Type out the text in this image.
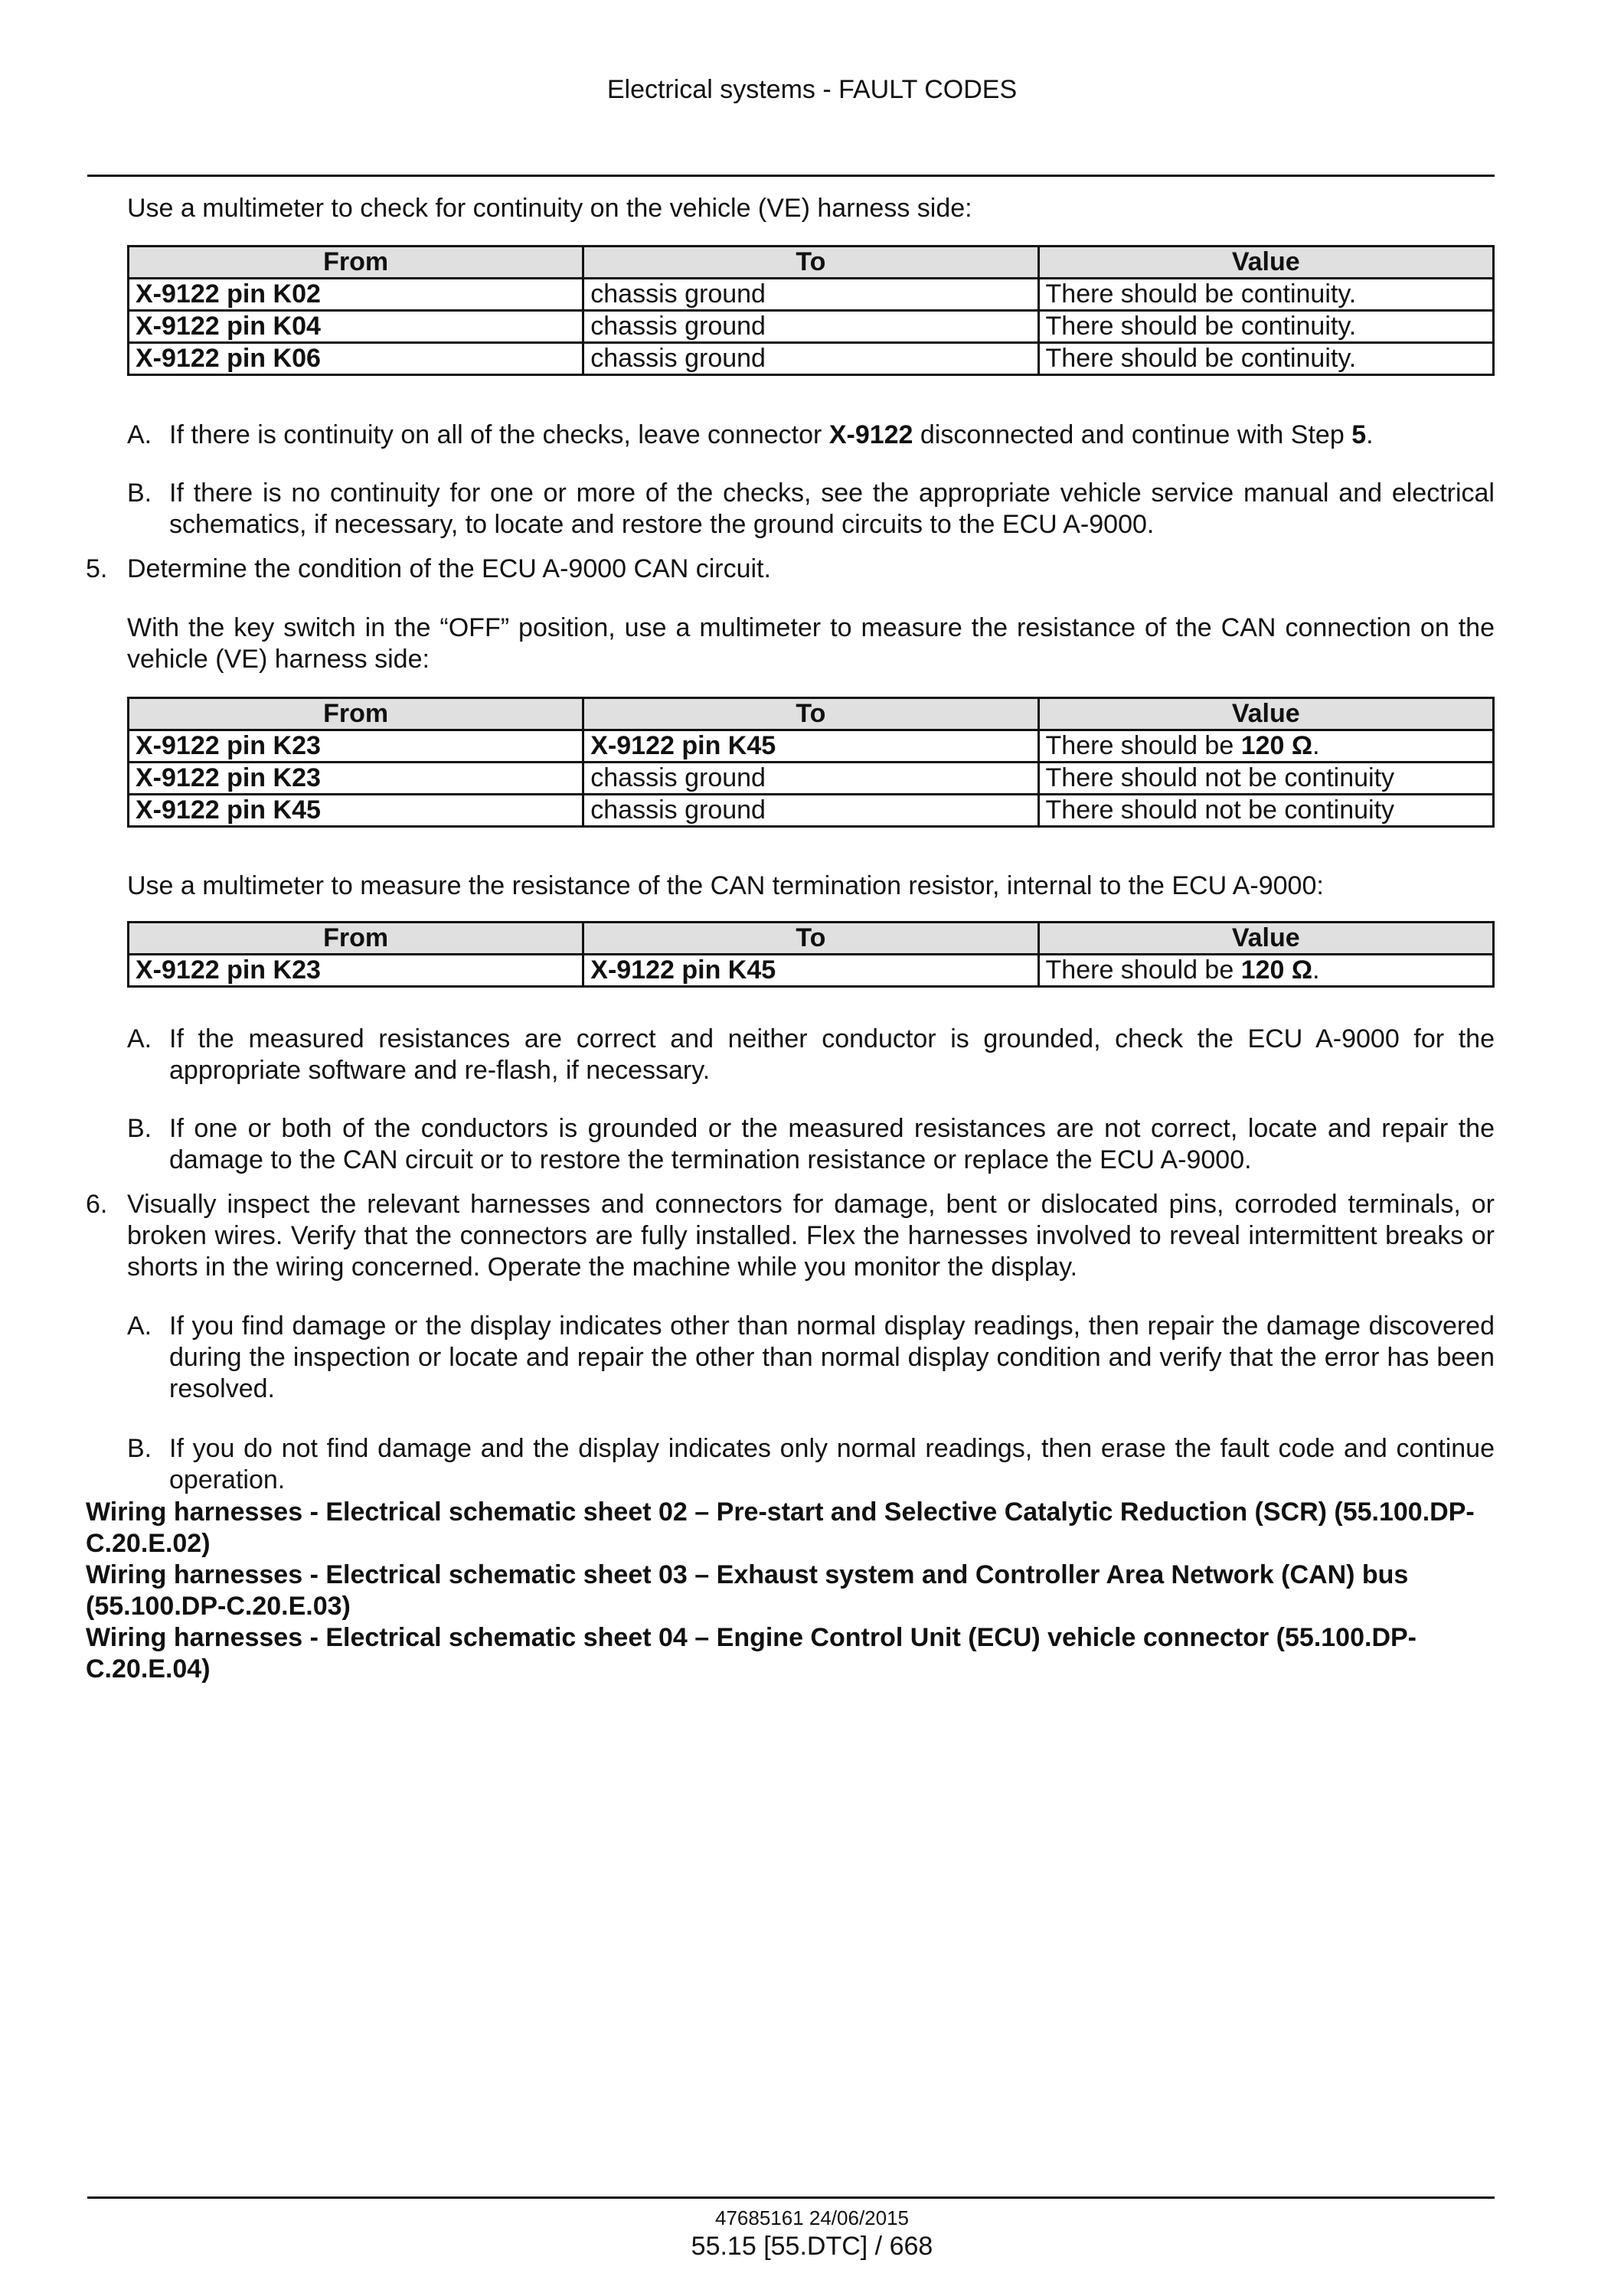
Electrical systems - FAULT CODES
Use a multimeter to check for continuity on the vehicle (VE) harness side:
From	To	Value
X-9122 pin K02	chassis ground	There should be continuity.
X-9122 pin K04	chassis ground	There should be continuity.
X-9122 pin K06	chassis ground	There should be continuity.
A. If there is continuity on all of the checks, leave connector X-9122 disconnected and continue with Step 5.
B. If there is no continuity for one or more of the checks, see the appropriate vehicle service manual and electrical schematics, if necessary, to locate and restore the ground circuits to the ECU A-9000.
5. Determine the condition of the ECU A-9000 CAN circuit.
With the key switch in the “OFF” position, use a multimeter to measure the resistance of the CAN connection on the vehicle (VE) harness side:
From	To	Value
X-9122 pin K23	X-9122 pin K45	There should be 120 Ω.
X-9122 pin K23	chassis ground	There should not be continuity
X-9122 pin K45	chassis ground	There should not be continuity
Use a multimeter to measure the resistance of the CAN termination resistor, internal to the ECU A-9000:
From	To	Value
X-9122 pin K23	X-9122 pin K45	There should be 120 Ω.
A. If the measured resistances are correct and neither conductor is grounded, check the ECU A-9000 for the appropriate software and re-flash, if necessary.
B. If one or both of the conductors is grounded or the measured resistances are not correct, locate and repair the damage to the CAN circuit or to restore the termination resistance or replace the ECU A-9000.
6. Visually inspect the relevant harnesses and connectors for damage, bent or dislocated pins, corroded terminals, or broken wires. Verify that the connectors are fully installed. Flex the harnesses involved to reveal intermittent breaks or shorts in the wiring concerned. Operate the machine while you monitor the display.
A. If you find damage or the display indicates other than normal display readings, then repair the damage discovered during the inspection or locate and repair the other than normal display condition and verify that the error has been resolved.
B. If you do not find damage and the display indicates only normal readings, then erase the fault code and continue operation.
Wiring harnesses - Electrical schematic sheet 02 – Pre-start and Selective Catalytic Reduction (SCR) (55.100.DP-C.20.E.02)
Wiring harnesses - Electrical schematic sheet 03 – Exhaust system and Controller Area Network (CAN) bus (55.100.DP-C.20.E.03)
Wiring harnesses - Electrical schematic sheet 04 – Engine Control Unit (ECU) vehicle connector (55.100.DP-C.20.E.04)
47685161 24/06/2015
55.15 [55.DTC] / 668
